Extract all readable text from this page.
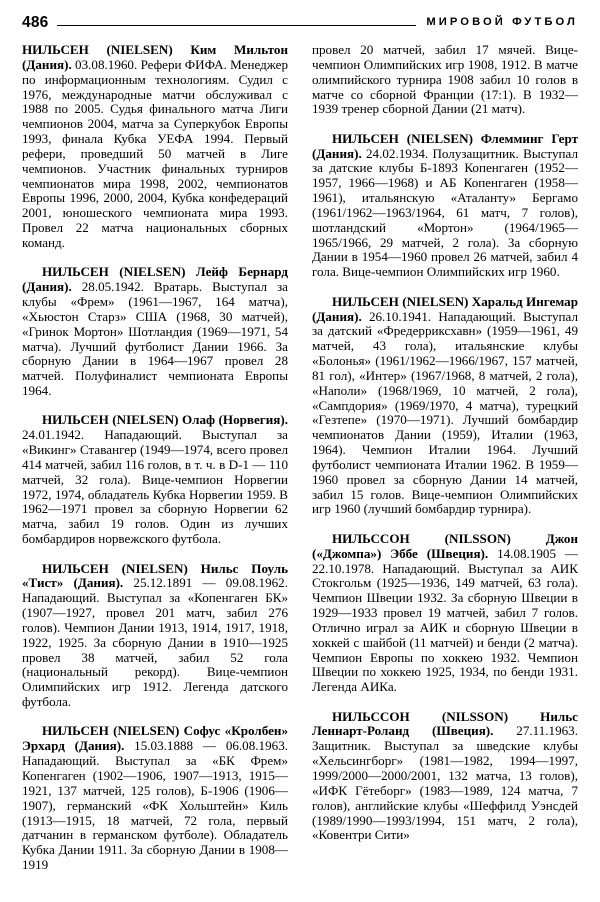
486	МИРОВОЙ ФУТБОЛ

НИЛЬСЕН (NIELSEN) Ким Мильтон (Дания). 03.08.1960. Рефери ФИФА. Менеджер по информационным технологиям. Судил с 1976, международные матчи обслуживал с 1988 по 2005. Судья финального матча Лиги чемпионов 2004, матча за Суперкубок Европы 1993, финала Кубка УЕФА 1994. Первый рефери, проведший 50 матчей в Лиге чемпионов. Участник финальных турниров чемпионатов мира 1998, 2002, чемпионатов Европы 1996, 2000, 2004, Кубка конфедераций 2001, юношеского чемпионата мира 1993. Провел 22 матча национальных сборных команд.

НИЛЬСЕН (NIELSEN) Лейф Бернард (Дания). 28.05.1942. Вратарь. Выступал за клубы «Фрем» (1961—1967, 164 матча), «Хьюстон Старз» США (1968, 30 матчей), «Гринок Мортон» Шотландия (1969—1971, 54 матча). Лучший футболист Дании 1966. За сборную Дании в 1964—1967 провел 28 матчей. Полуфиналист чемпионата Европы 1964.

НИЛЬСЕН (NIELSEN) Олаф (Норвегия). 24.01.1942. Нападающий. Выступал за «Викинг» Ставангер (1949—1974, всего провел 414 матчей, забил 116 голов, в т. ч. в D-1 — 110 матчей, 32 гола). Вице-чемпион Норвегии 1972, 1974, обладатель Кубка Норвегии 1959. В 1962—1971 провел за сборную Норвегии 62 матча, забил 19 голов. Один из лучших бомбардиров норвежского футбола.

НИЛЬСЕН (NIELSEN) Нильс Поуль «Тист» (Дания). 25.12.1891 — 09.08.1962. Нападающий. Выступал за «Копенгаген БК» (1907—1927, провел 201 матч, забил 276 голов). Чемпион Дании 1913, 1914, 1917, 1918, 1922, 1925. За сборную Дании в 1910—1925 провел 38 матчей, забил 52 гола (национальный рекорд). Вице-чемпион Олимпийских игр 1912. Легенда датского футбола.

НИЛЬСЕН (NIELSEN) Софус «Кролбен» Эрхард (Дания). 15.03.1888 — 06.08.1963. Нападающий. Выступал за «БК Фрем» Копенгаген (1902—1906, 1907—1913, 1915—1921, 137 матчей, 125 голов), Б-1906 (1906—1907), германский «ФК Хольштейн» Киль (1913—1915, 18 матчей, 72 гола, первый датчанин в германском футболе). Обладатель Кубка Дании 1911. За сборную Дании в 1908—1919

провел 20 матчей, забил 17 мячей. Вице-чемпион Олимпийских игр 1908, 1912. В матче олимпийского турнира 1908 забил 10 голов в матче со сборной Франции (17:1). В 1932—1939 тренер сборной Дании (21 матч).

НИЛЬСЕН (NIELSEN) Флемминг Герт (Дания). 24.02.1934. Полузащитник. Выступал за датские клубы Б-1893 Копенгаген (1952—1957, 1966—1968) и АБ Копенгаген (1958—1961), итальянскую «Аталанту» Бергамо (1961/1962—1963/1964, 61 матч, 7 голов), шотландский «Мортон» (1964/1965—1965/1966, 29 матчей, 2 гола). За сборную Дании в 1954—1960 провел 26 матчей, забил 4 гола. Вице-чемпион Олимпийских игр 1960.

НИЛЬСЕН (NIELSEN) Харальд Ингемар (Дания). 26.10.1941. Нападающий. Выступал за датский «Фредерриксхавн» (1959—1961, 49 матчей, 43 гола), итальянские клубы «Болонья» (1961/1962—1966/1967, 157 матчей, 81 гол), «Интер» (1967/1968, 8 матчей, 2 гола), «Наполи» (1968/1969, 10 матчей, 2 гола), «Сампдория» (1969/1970, 4 матча), турецкий «Гезтепе» (1970—1971). Лучший бомбардир чемпионатов Дании (1959), Италии (1963, 1964). Чемпион Италии 1964. Лучший футболист чемпионата Италии 1962. В 1959—1960 провел за сборную Дании 14 матчей, забил 15 голов. Вице-чемпион Олимпийских игр 1960 (лучший бомбардир турнира).

НИЛЬССОН (NILSSON) Джон («Джомпа») Эббе (Швеция). 14.08.1905 — 22.10.1978. Нападающий. Выступал за АИК Стокгольм (1925—1936, 149 матчей, 63 гола). Чемпион Швеции 1932. За сборную Швеции в 1929—1933 провел 19 матчей, забил 7 голов. Отлично играл за АИК и сборную Швеции в хоккей с шайбой (11 матчей) и бенди (2 матча). Чемпион Европы по хоккею 1932. Чемпион Швеции по хоккею 1925, 1934, по бенди 1931. Легенда АИКа.

НИЛЬССОН (NILSSON) Нильс Леннарт-Роланд (Швеция). 27.11.1963. Защитник. Выступал за шведские клубы «Хельсингборг» (1981—1982, 1994—1997, 1999/2000—2000/2001, 132 матча, 13 голов), «ИФК Гётеборг» (1983—1989, 124 матча, 7 голов), английские клубы «Шеффилд Уэнсдей (1989/1990—1993/1994, 151 матч, 2 гола), «Ковентри Сити»
